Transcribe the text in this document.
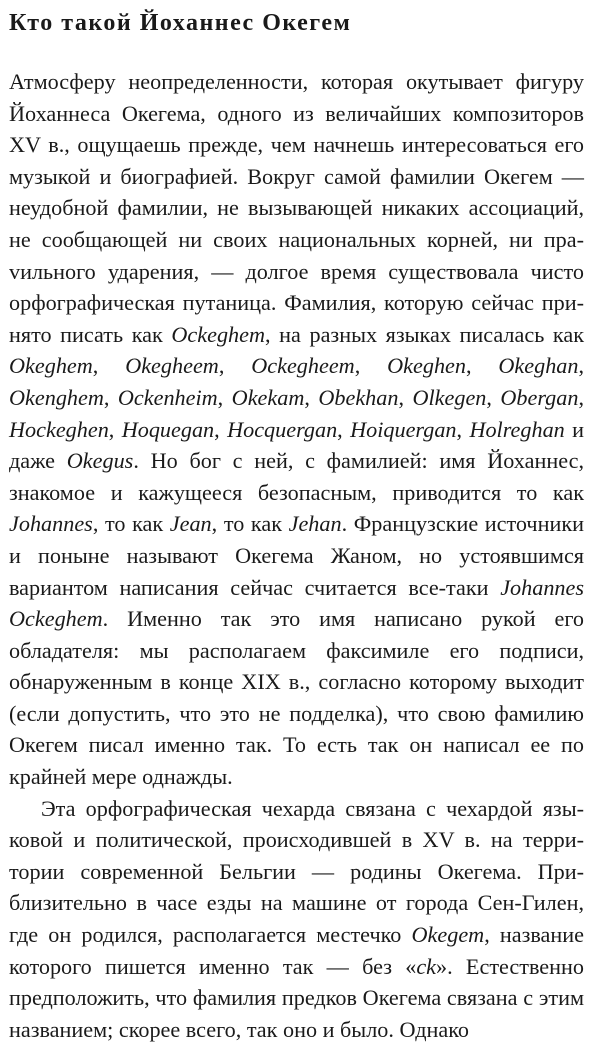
Кто такой Йоханнес Окегем

Атмосферу неопределенности, которая окутывает фигуру Йоханнеса Окегема, одного из величайших композиторов XV в., ощущаешь прежде, чем начнешь интересоваться его музыкой и биографией. Вокруг самой фамилии Окегем — неудобной фамилии, не вызывающей никаких ассоциаций, не сообщающей ни своих национальных корней, ни праvильного ударения, — долгое время существовала чисто орфографическая путаница. Фамилия, которую сейчас принято писать как Ockeghem, на разных языках писалась как Okeghem, Okegheem, Ockegheem, Okeghen, Okeghan, Okenghem, Ockenheim, Okekam, Obekhan, Olkegen, Obergan, Hockeghen, Hoquegan, Hocquergan, Hoiquergan, Holreghan и даже Okegus. Но бог с ней, с фамилией: имя Йоханнес, знакомое и кажущееся безопасным, приводится то как Johannes, то как Jean, то как Jehan. Французские источники и поныне называют Окегема Жаном, но устоявшимся вариантом написания сейчас считается все-таки Johannes Ockeghem. Именно так это имя написано рукой его обладателя: мы располагаем факсимиле его подписи, обнаруженным в конце XIX в., согласно которому выходит (если допустить, что это не подделка), что свою фамилию Окегем писал именно так. То есть так он написал ее по крайней мере однажды.

Эта орфографическая чехарда связана с чехардой языковой и политической, происходившей в XV в. на территории современной Бельгии — родины Окегема. Приблизительно в часе езды на машине от города Сен-Гилен, где он родился, располагается местечко Okegem, название которого пишется именно так — без «ck». Естественно предположить, что фамилия предков Окегема связана с этим названием; скорее всего, так оно и было. Однако
